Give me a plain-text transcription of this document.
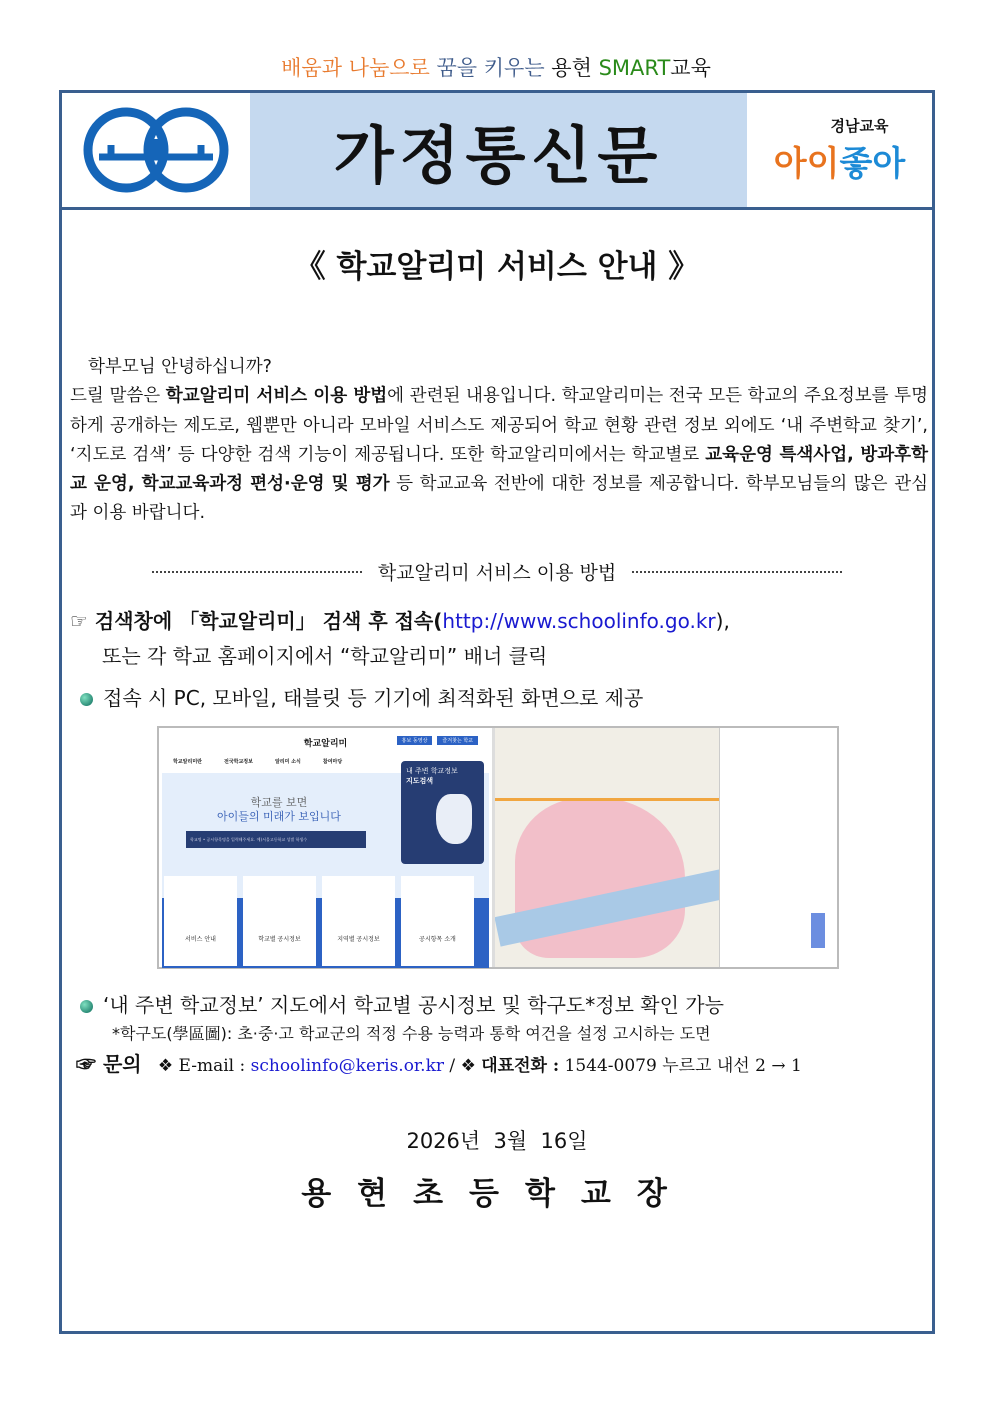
배움과 나눔으로 꿈을 키우는 용현 SMART교육
가정통신문	경남교육
아이좋아
《 학교알리미 서비스 안내 》
학부모님 안녕하십니까?
드릴 말씀은 학교알리미 서비스 이용 방법에 관련된 내용입니다. 학교알리미는 전국 모든 학교의 주요정보를 투명하게 공개하는 제도로, 웹뿐만 아니라 모바일 서비스도 제공되어 학교 현황 관련 정보 외에도 ‘내 주변학교 찾기’, ‘지도로 검색’ 등 다양한 검색 기능이 제공됩니다. 또한 학교알리미에서는 학교별로 교육운영 특색사업, 방과후학교 운영, 학교교육과정 편성·운영 및 평가 등 학교교육 전반에 대한 정보를 제공합니다. 학부모님들의 많은 관심과 이용 바랍니다.
학교알리미 서비스 이용 방법
☞ 검색창에 「학교알리미」 검색 후 접속(http://www.schoolinfo.go.kr),
또는 각 학교 홈페이지에서 “학교알리미” 배너 클릭
접속 시 PC, 모바일, 태블릿 등 기기에 최적화된 화면으로 제공
학교알리미	홍보 동영상	즐겨찾는 학교
학교알리미란	전국학교정보	알리미 소식	참여마당
학교를 보면
아이들의 미래가 보입니다
학교명 • 공시항목명을 입력해주세요. 예)서울고등학교 성별 학생수
내 주변 학교정보
지도검색
서비스 안내	학교별 공시정보	지역별 공시정보	공시항목 소개
‘내 주변 학교정보’ 지도에서 학교별 공시정보 및 학구도*정보 확인 가능
*학구도(學區圖): 초·중·고 학교군의 적정 수용 능력과 통학 여건을 설정 고시하는 도면
☞ 문의 ❖ E-mail : schoolinfo@keris.or.kr / ❖ 대표전화 : 1544-0079 누르고 내선 2 → 1
2026년  3월  16일
용현초등학교장
